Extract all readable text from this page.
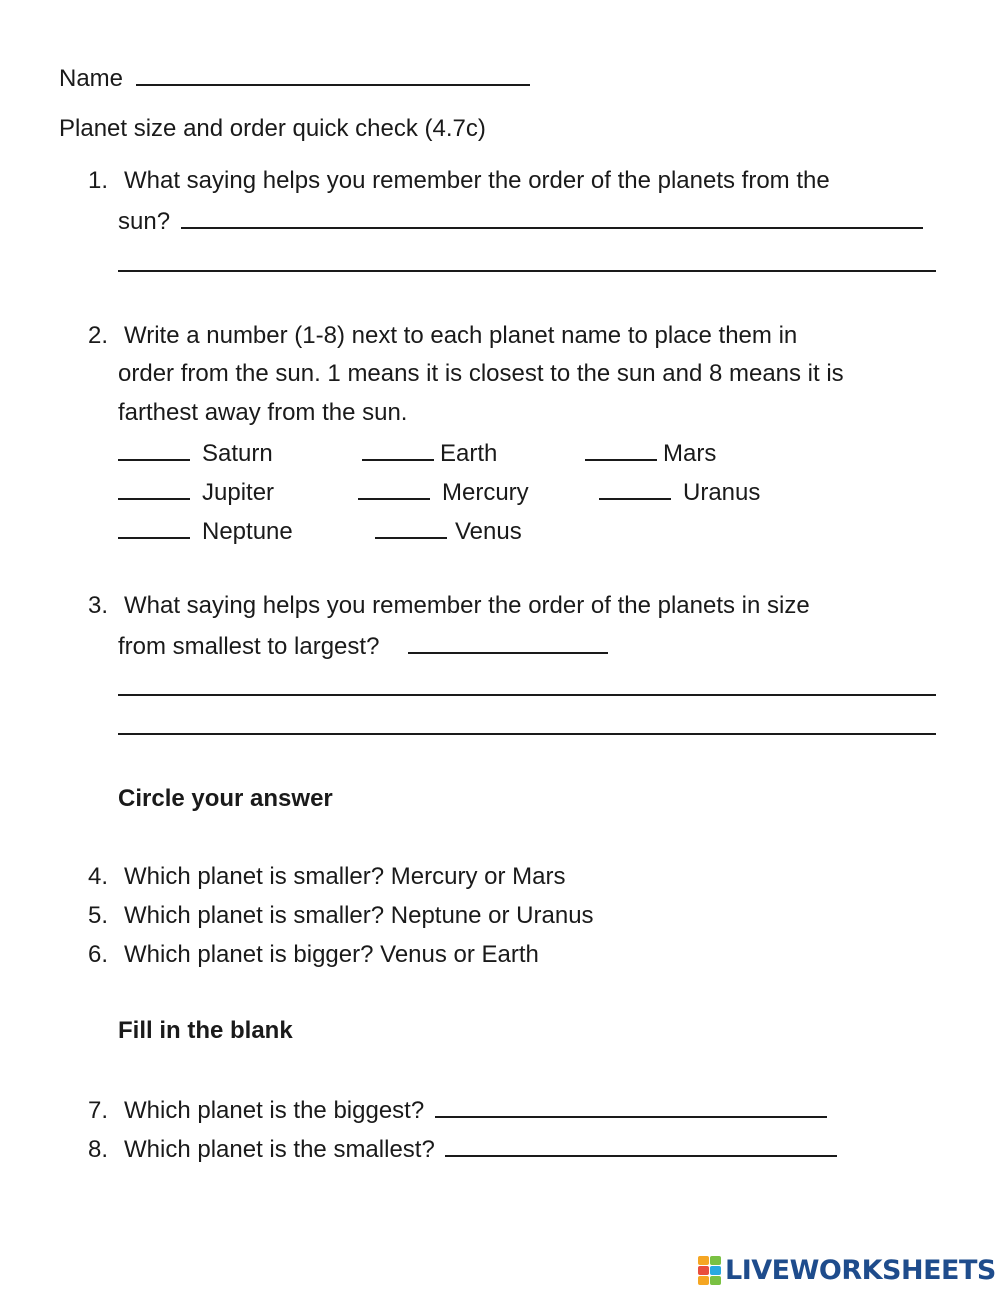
Name
Planet size and order quick check (4.7c)
1. What saying helps you remember the order of the planets from the
sun?
2. Write a number (1-8) next to each planet name to place them in
order from the sun. 1 means it is closest to the sun and 8 means it is
farthest away from the sun.
Saturn	Earth	Mars
Jupiter	Mercury	Uranus
Neptune	Venus
3. What saying helps you remember the order of the planets in size
from smallest to largest?
Circle your answer
4. Which planet is smaller? Mercury or Mars
5. Which planet is smaller? Neptune or Uranus
6. Which planet is bigger? Venus or Earth
Fill in the blank
7. Which planet is the biggest?
8. Which planet is the smallest?
LIVEWORKSHEETS
